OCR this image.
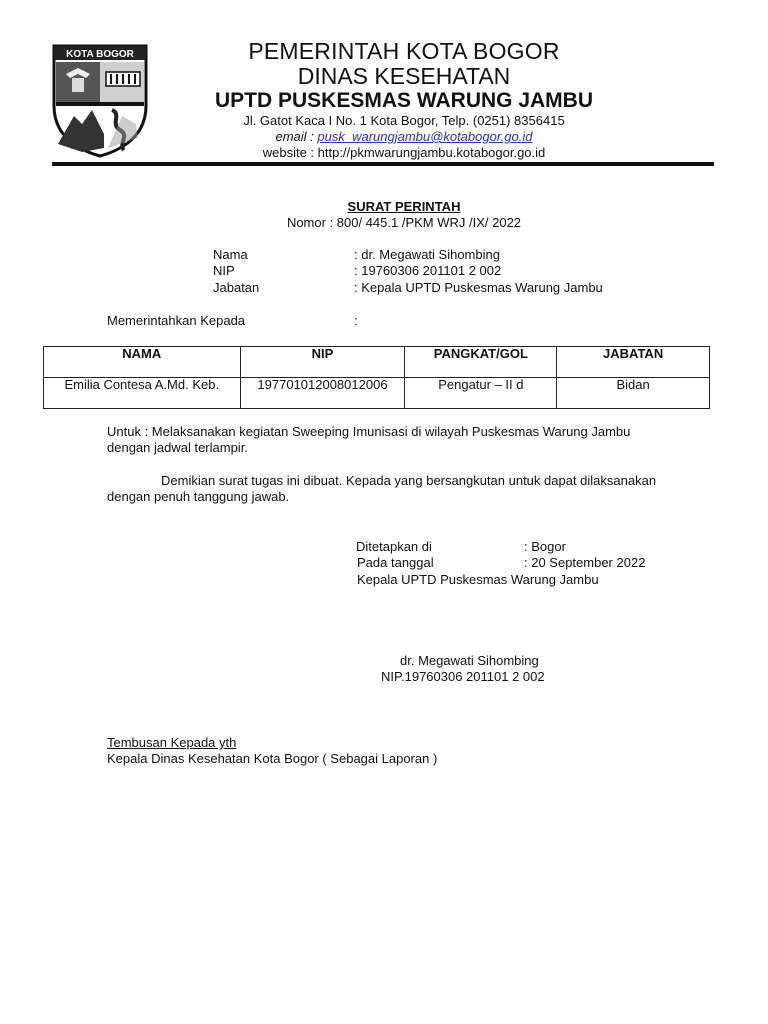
KOTA BOGOR	PEMERINTAH KOTA BOGOR
DINAS KESEHATAN
UPTD PUSKESMAS WARUNG JAMBU
Jl. Gatot Kaca I No. 1 Kota Bogor, Telp. (0251) 8356415
email : pusk_warungjambu@kotabogor.go.id
website : http://pkmwarungjambu.kotabogor.go.id
SURAT PERINTAH
Nomor : 800/ 445.1 /PKM WRJ /IX/ 2022
Nama	: dr. Megawati Sihombing
NIP	: 19760306 201101 2 002
Jabatan	: Kepala UPTD Puskesmas Warung Jambu
Memerintahkan Kepada	:
NAMA	NIP	PANGKAT/GOL	JABATAN
Emilia Contesa A.Md. Keb.	197701012008012006	Pengatur – II d	Bidan
Untuk : Melaksanakan kegiatan Sweeping Imunisasi di wilayah Puskesmas Warung Jambu dengan jadwal terlampir.
Demikian surat tugas ini dibuat. Kepada yang bersangkutan untuk dapat dilaksanakan dengan penuh tanggung jawab.
Ditetapkan di	: Bogor
Pada tanggal	: 20 September 2022
Kepala UPTD Puskesmas Warung Jambu
dr. Megawati Sihombing
NIP.19760306 201101 2 002
Tembusan Kepada yth
Kepala Dinas Kesehatan Kota Bogor ( Sebagai Laporan )
